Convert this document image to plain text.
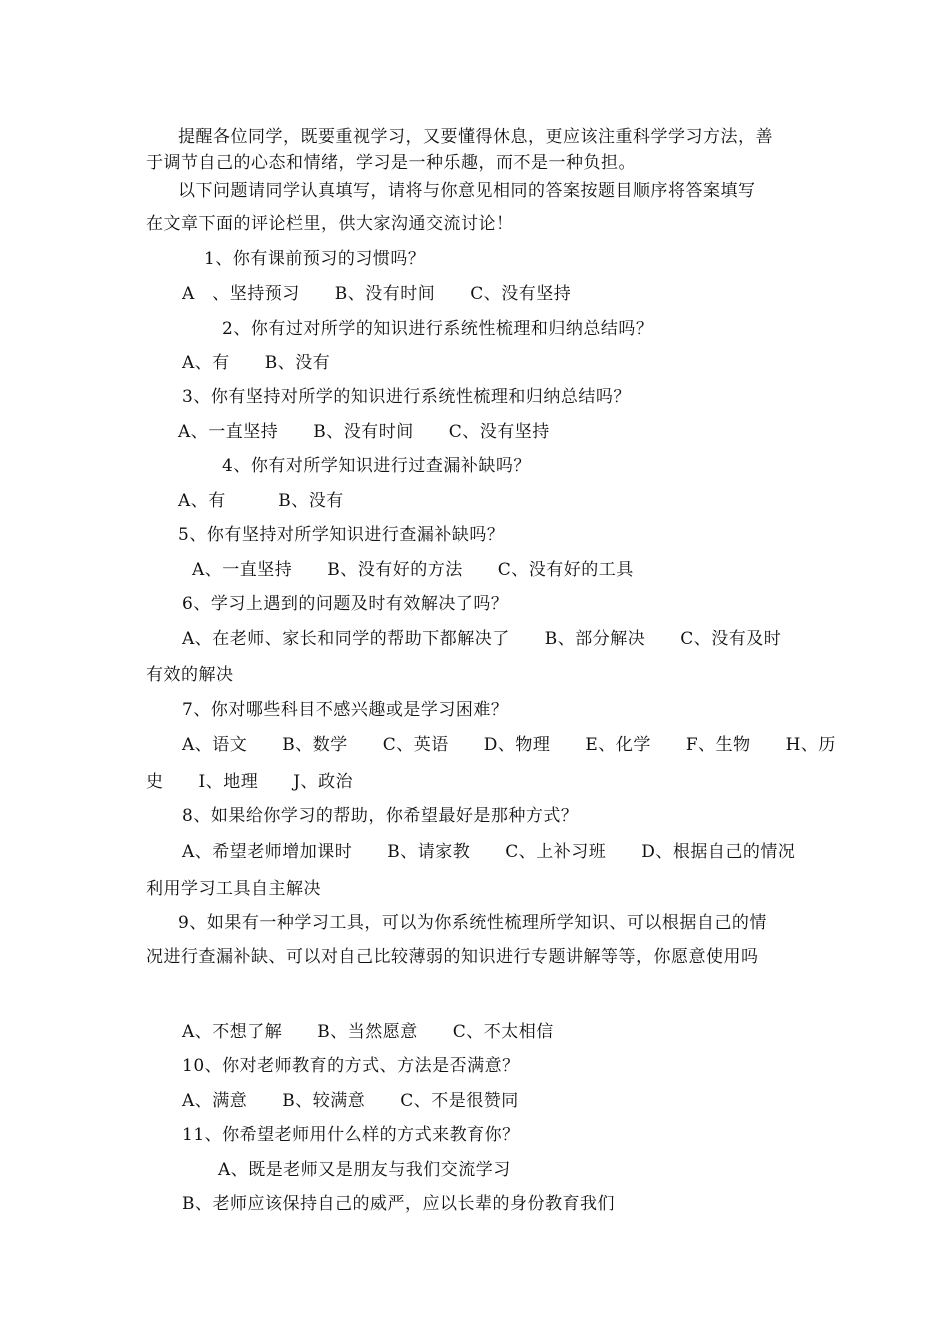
提醒各位同学，既要重视学习，又要懂得休息，更应该注重科学学习方法，善
于调节自己的心态和情绪，学习是一种乐趣，而不是一种负担。
以下问题请同学认真填写，请将与你意见相同的答案按题目顺序将答案填写
在文章下面的评论栏里，供大家沟通交流讨论！
1、你有课前预习的习惯吗？
A　、坚持预习　　B、没有时间　　C、没有坚持
2、你有过对所学的知识进行系统性梳理和归纳总结吗？
A、有　　B、没有
3、你有坚持对所学的知识进行系统性梳理和归纳总结吗？
A、一直坚持　　B、没有时间　　C、没有坚持
4、你有对所学知识进行过查漏补缺吗？
A、有　　　B、没有
5、你有坚持对所学知识进行查漏补缺吗？
A、一直坚持　　B、没有好的方法　　C、没有好的工具
6、学习上遇到的问题及时有效解决了吗？
A、在老师、家长和同学的帮助下都解决了　　B、部分解决　　C、没有及时
有效的解决
7、你对哪些科目不感兴趣或是学习困难？
A、语文　　B、数学　　C、英语　　D、物理　　E、化学　　F、生物　　H、历
史　　I、地理　　J、政治
8、如果给你学习的帮助，你希望最好是那种方式？
A、希望老师增加课时　　B、请家教　　C、上补习班　　D、根据自己的情况
利用学习工具自主解决
9、如果有一种学习工具，可以为你系统性梳理所学知识、可以根据自己的情
况进行查漏补缺、可以对自己比较薄弱的知识进行专题讲解等等，你愿意使用吗
A、不想了解　　B、当然愿意　　C、不太相信
10、你对老师教育的方式、方法是否满意？
A、满意　　B、较满意　　C、不是很赞同
11、你希望老师用什么样的方式来教育你？
A、既是老师又是朋友与我们交流学习
B、老师应该保持自己的威严，应以长辈的身份教育我们
